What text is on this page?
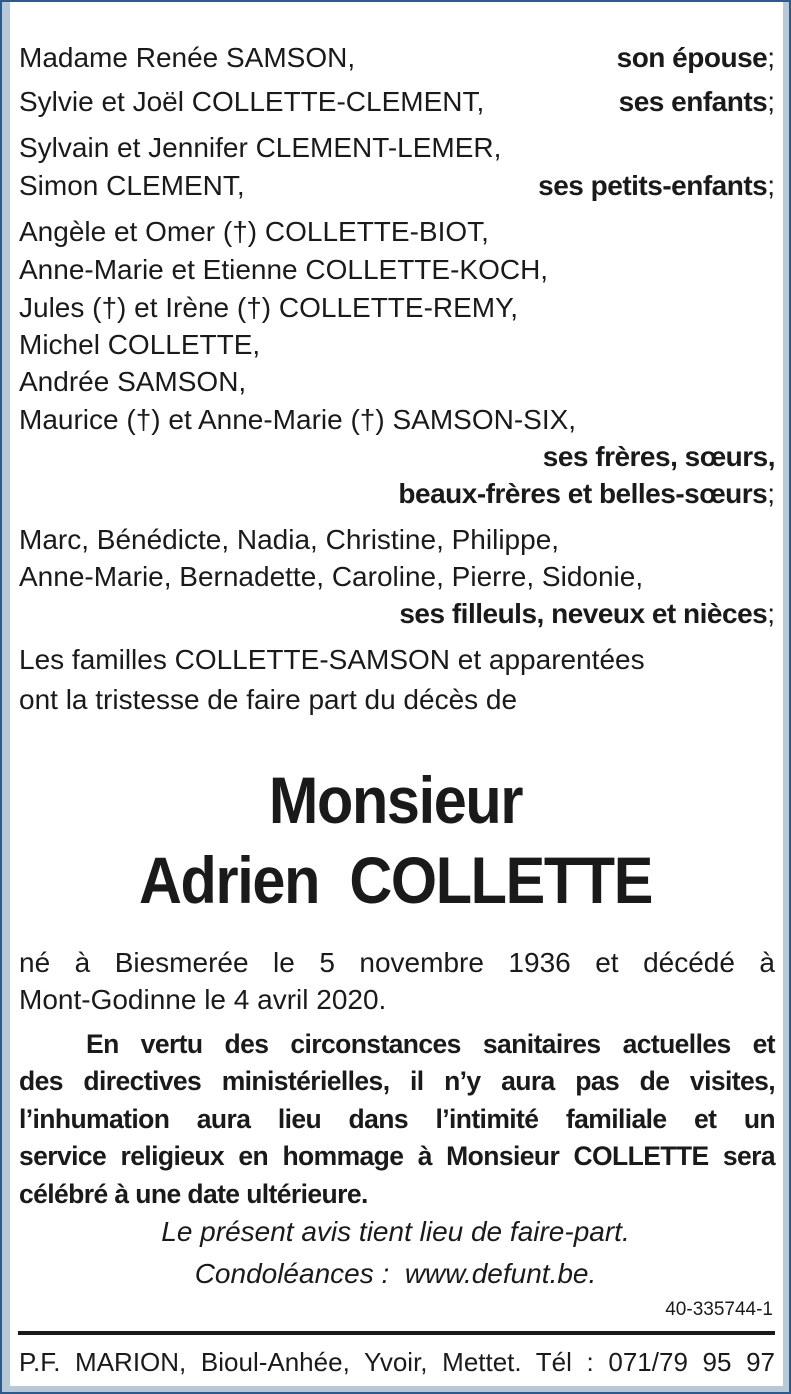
Madame Renée SAMSON,	son épouse;
Sylvie et Joël COLLETTE-CLEMENT,	ses enfants;
Sylvain et Jennifer CLEMENT-LEMER,
Simon CLEMENT,	ses petits-enfants;
Angèle et Omer (†) COLLETTE-BIOT,
Anne-Marie et Etienne COLLETTE-KOCH,
Jules (†) et Irène (†) COLLETTE-REMY,
Michel COLLETTE,
Andrée SAMSON,
Maurice (†) et Anne-Marie (†) SAMSON-SIX,
ses frères, sœurs,
beaux-frères et belles-sœurs;
Marc, Bénédicte, Nadia, Christine, Philippe,
Anne-Marie, Bernadette, Caroline, Pierre, Sidonie,
ses filleuls, neveux et nièces;
Les familles COLLETTE-SAMSON et apparentées
ont la tristesse de faire part du décès de
Monsieur
Adrien  COLLETTE
né à Biesmerée le 5 novembre 1936 et décédé à
Mont-Godinne le 4 avril 2020.
En vertu des circonstances sanitaires actuelles et
des directives ministérielles, il n’y aura pas de visites,
l’inhumation aura lieu dans l’intimité familiale et un
service religieux en hommage à Monsieur COLLETTE sera
célébré à une date ultérieure.
Le présent avis tient lieu de faire-part.
Condoléances :  www.defunt.be.
40-335744-1
P.F. MARION, Bioul-Anhée, Yvoir, Mettet. Tél : 071/79 95 97
